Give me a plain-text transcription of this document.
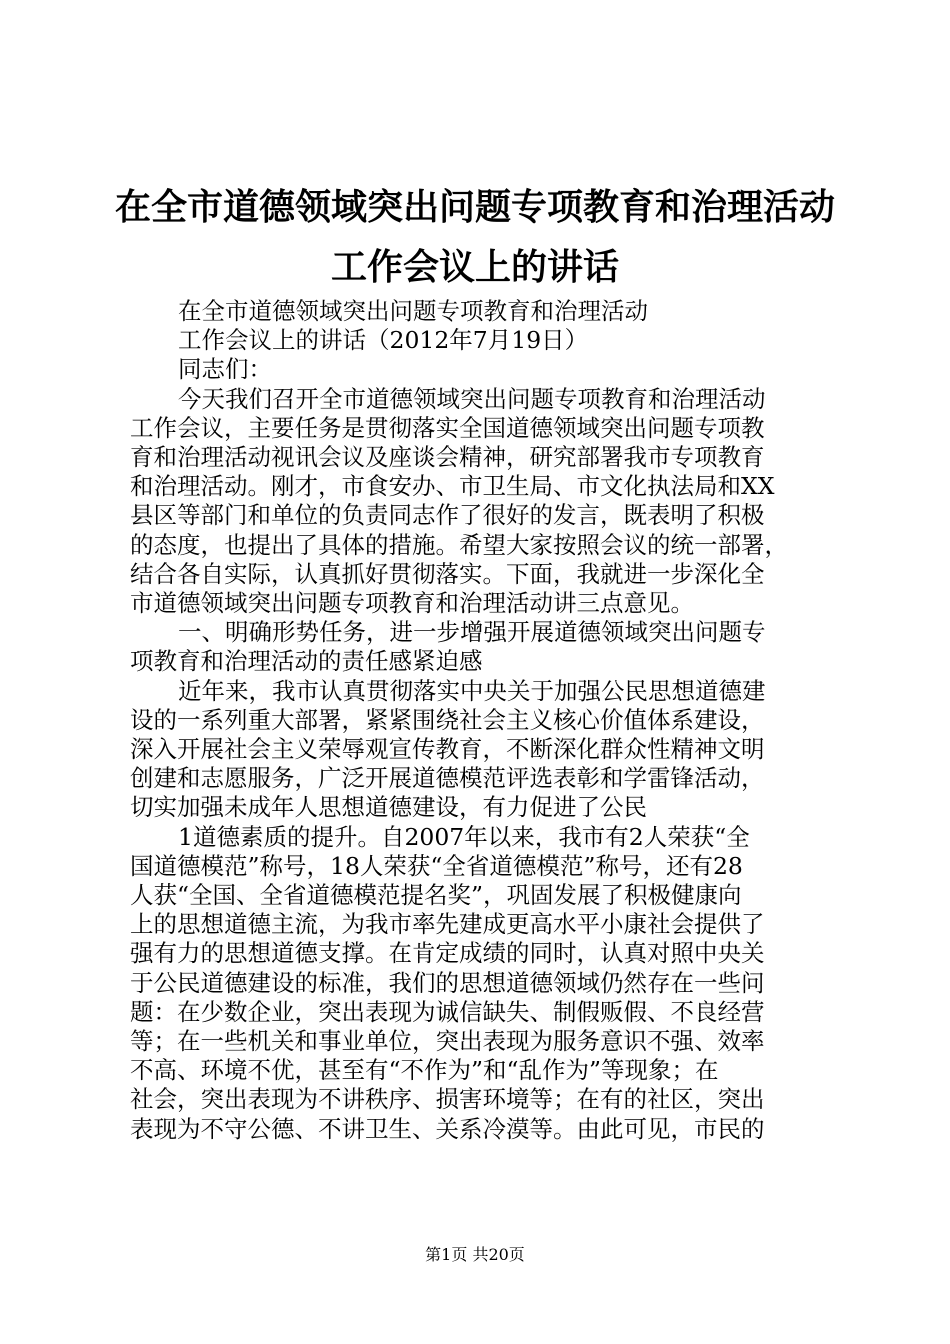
在全市道德领域突出问题专项教育和治理活动
工作会议上的讲话
在全市道德领域突出问题专项教育和治理活动
工作会议上的讲话（2012年7月19日）
同志们：
今天我们召开全市道德领域突出问题专项教育和治理活动
工作会议，主要任务是贯彻落实全国道德领域突出问题专项教
育和治理活动视讯会议及座谈会精神，研究部署我市专项教育
和治理活动。刚才，市食安办、市卫生局、市文化执法局和XX
县区等部门和单位的负责同志作了很好的发言，既表明了积极
的态度，也提出了具体的措施。希望大家按照会议的统一部署，
结合各自实际，认真抓好贯彻落实。下面，我就进一步深化全
市道德领域突出问题专项教育和治理活动讲三点意见。
一、明确形势任务，进一步增强开展道德领域突出问题专
项教育和治理活动的责任感紧迫感
近年来，我市认真贯彻落实中央关于加强公民思想道德建
设的一系列重大部署，紧紧围绕社会主义核心价值体系建设，
深入开展社会主义荣辱观宣传教育，不断深化群众性精神文明
创建和志愿服务，广泛开展道德模范评选表彰和学雷锋活动，
切实加强未成年人思想道德建设，有力促进了公民
1道德素质的提升。自2007年以来，我市有2人荣获“全
国道德模范”称号，18人荣获“全省道德模范”称号，还有28
人获“全国、全省道德模范提名奖”，巩固发展了积极健康向
上的思想道德主流，为我市率先建成更高水平小康社会提供了
强有力的思想道德支撑。在肯定成绩的同时，认真对照中央关
于公民道德建设的标准，我们的思想道德领域仍然存在一些问
题：在少数企业，突出表现为诚信缺失、制假贩假、不良经营
等；在一些机关和事业单位，突出表现为服务意识不强、效率
不高、环境不优，甚至有“不作为”和“乱作为”等现象；在
社会，突出表现为不讲秩序、损害环境等；在有的社区，突出
表现为不守公德、不讲卫生、关系冷漠等。由此可见，市民的
第1页 共20页
